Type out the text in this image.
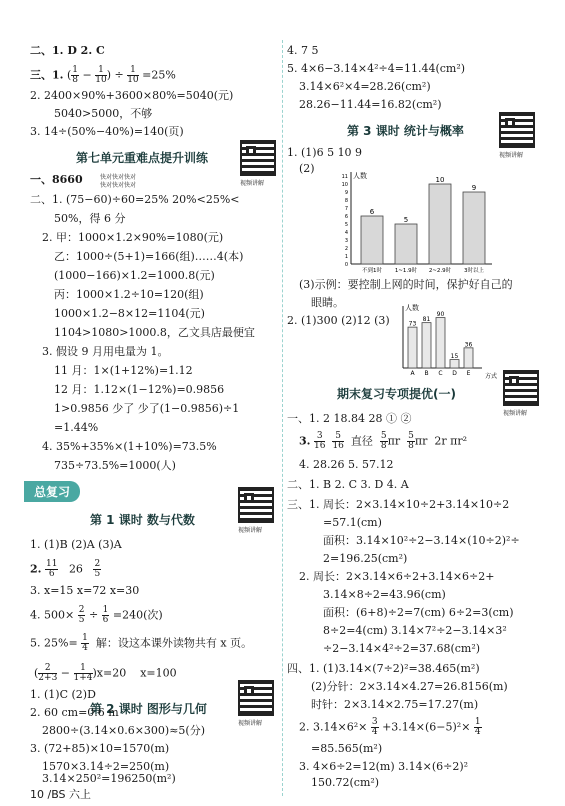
二、1. D 2. C
三、1. ( $\frac{1}{8} - \frac{1}{10}$ ) ÷ $\frac{1}{10} =25\%$
2. 2400×90%+3600×80%=5040(元)
5040>5000，不够
3. 14÷(50%−40%)=140(页)
第七单元重难点提升训练
快对快对快对
快对快对快对	视频讲解
一、8660
二、1. (75−60)÷60=25% 20%<25%<
50%，得 6 分
2. 甲：1000×1.2×90%=1080(元)
乙：1000÷(5+1)=166(组)……4(本)
(1000−166)×1.2=1000.8(元)
丙：1000×1.2÷10=120(组)
1000×1.2−8×12=1104(元)
1104>1080>1000.8，乙文具店最便宜
3. 假设 9 月用电量为 1。
11 月：1×(1+12%)=1.12
12 月：1.12×(1−12%)=0.9856
1>0.9856 少了 少了(1−0.9856)÷1
=1.44%
4. 35%+35%×(1+10%)=73.5%
735÷73.5%=1000(人)
总复习
第 1 课时 数与代数
视频讲解
1. (1)B (2)A (3)A
2. $\frac{11}{6} 26 \frac{2}{5}$
3. x=15 x=72 x=30
4. $500\times \frac{2}{5} \div \frac{1}{6} =240$(次)
5. $25\%= \frac{1}{4}$ 解：设这本课外读物共有 x 页。
( $\frac{2}{2+3} - \frac{1}{1+4} )x=20$    x=100
第 2 课时 图形与几何
视频讲解
1. (1)C (2)D
2. 60 cm=0.6 m
2800÷(3.14×0.6×300)≈5(分)
3. (72+85)×10=1570(m)
1570×3.14÷2=250(m)
3.14×250²=196250(m²)
4. 7 5
5. 4×6−3.14×4²÷4=11.44(cm²)
3.14×6²×4=28.26(cm²)
28.26−11.44=16.82(cm²)
第 3 课时 统计与概率
视频讲解
1. (1)6 5 10 9
(2)
人数
6
不到1时
5
1~1.9时
10
2~2.9时
9
3时以上
0
1
2
3
4
5
6
7
8
9
10
11
(3)示例：要控制上网的时间，保护好自己的
眼睛。
2. (1)300 (2)12 (3)
人数
方式
73
A
81
B
90
C
15
D
36
E
期末复习专项提优(一)
视频讲解
一、1. 2 18.84 28 ① ②
3. $\frac{3}{16}$
$\frac{5}{16}$ 直径 $\frac{5}{8}$ πr $\frac{5}{8}$ πr 2r πr²
4. 28.26 5. 57.12
二、1. B 2. C 3. D 4. A
三、1. 周长：2×3.14×10÷2+3.14×10÷2
=57.1(cm)
面积：3.14×10²÷2−3.14×(10÷2)²÷
2=196.25(cm²)
2. 周长：2×3.14×6÷2+3.14×6÷2+
3.14×8÷2=43.96(cm)
面积：(6+8)÷2=7(cm) 6÷2=3(cm)
8÷2=4(cm) 3.14×7²÷2−3.14×3²
÷2−3.14×4²÷2=37.68(cm²)
四、1. (1)3.14×(7÷2)²=38.465(m²)
(2)分针：2×3.14×4.27=26.8156(m)
时针：2×3.14×2.75=17.27(m)
2. $3.14\times 6^2\times \frac{3}{4} +3.14\times(6-5)^2\times \frac{1}{4}$
=85.565(m²)
3. 4×6÷2=12(m) 3.14×(6÷2)²
150.72(cm²)
10 /BS 六上
